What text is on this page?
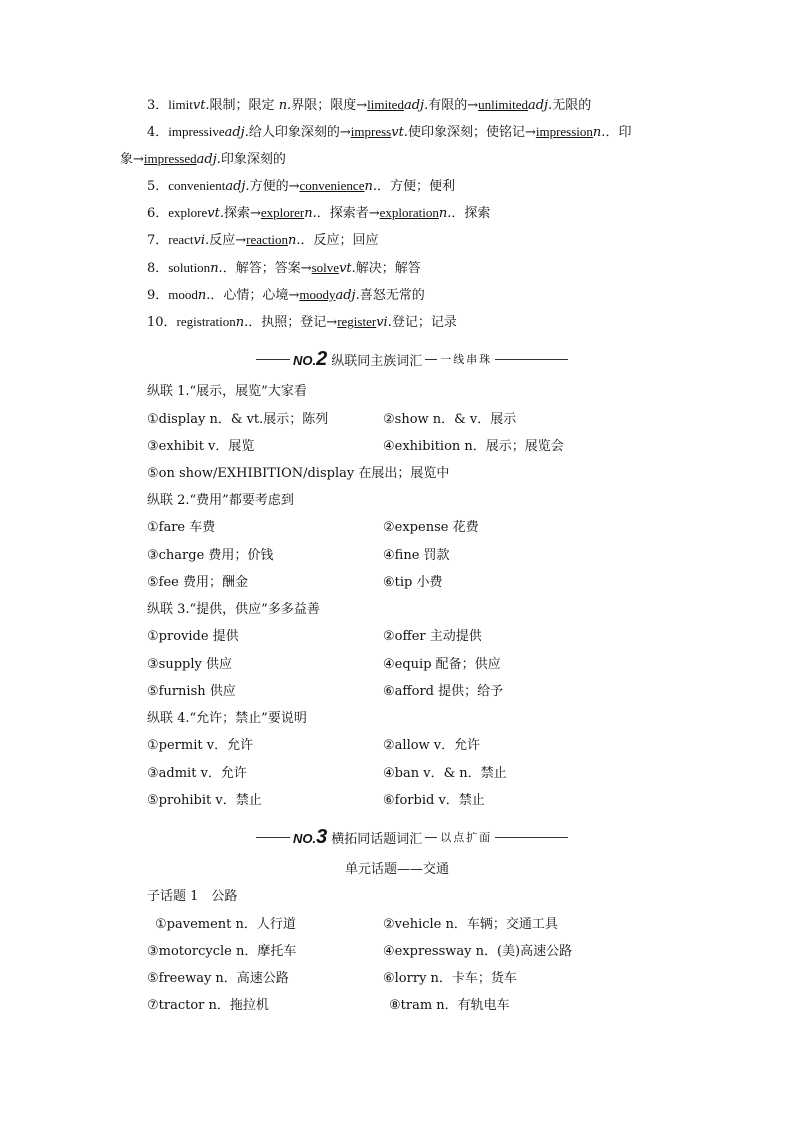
3．limitvt.限制；限定 n.界限；限度→limitedadj.有限的→unlimitedadj.无限的
4．impressiveadj.给人印象深刻的→impressvt.使印象深刻；使铭记→impressionn.．印
象→impressedadj.印象深刻的
5．convenientadj.方便的→conveniencen.．方便；便利
6．explorevt.探索→explorern.．探索者→explorationn.．探索
7．reactvi.反应→reactionn.．反应；回应
8．solutionn.．解答；答案→solvevt.解决；解答
9．moodn.．心情；心境→moodyadj.喜怒无常的
10．registrationn.．执照；登记→registervi.登记；记录
NO.2 纵联同主族词汇 一线串珠
纵联 1.“展示，展览”大家看
①display n．& vt.展示；陈列	②show n．& v．展示
③exhibit v．展览	④exhibition n．展示；展览会
⑤on show/EXHIBITION/display 在展出；展览中
纵联 2.“费用”都要考虑到
①fare 车费	②expense 花费
③charge 费用；价钱	④fine 罚款
⑤fee 费用；酬金	⑥tip 小费
纵联 3.“提供，供应”多多益善
①provide 提供	②offer 主动提供
③supply 供应	④equip 配备；供应
⑤furnish 供应	⑥afford 提供；给予
纵联 4.“允许；禁止”要说明
①permit v．允许	②allow v．允许
③admit v．允许	④ban v．& n．禁止
⑤prohibit v．禁止	⑥forbid v．禁止
NO.3 横拓同话题词汇 以点扩面
单元话题——交通
子话题 1　公路
①pavement n．人行道	②vehicle n．车辆；交通工具
③motorcycle n．摩托车	④expressway n．(美)高速公路
⑤freeway n．高速公路	⑥lorry n．卡车；货车
⑦tractor n．拖拉机	⑧tram n．有轨电车
